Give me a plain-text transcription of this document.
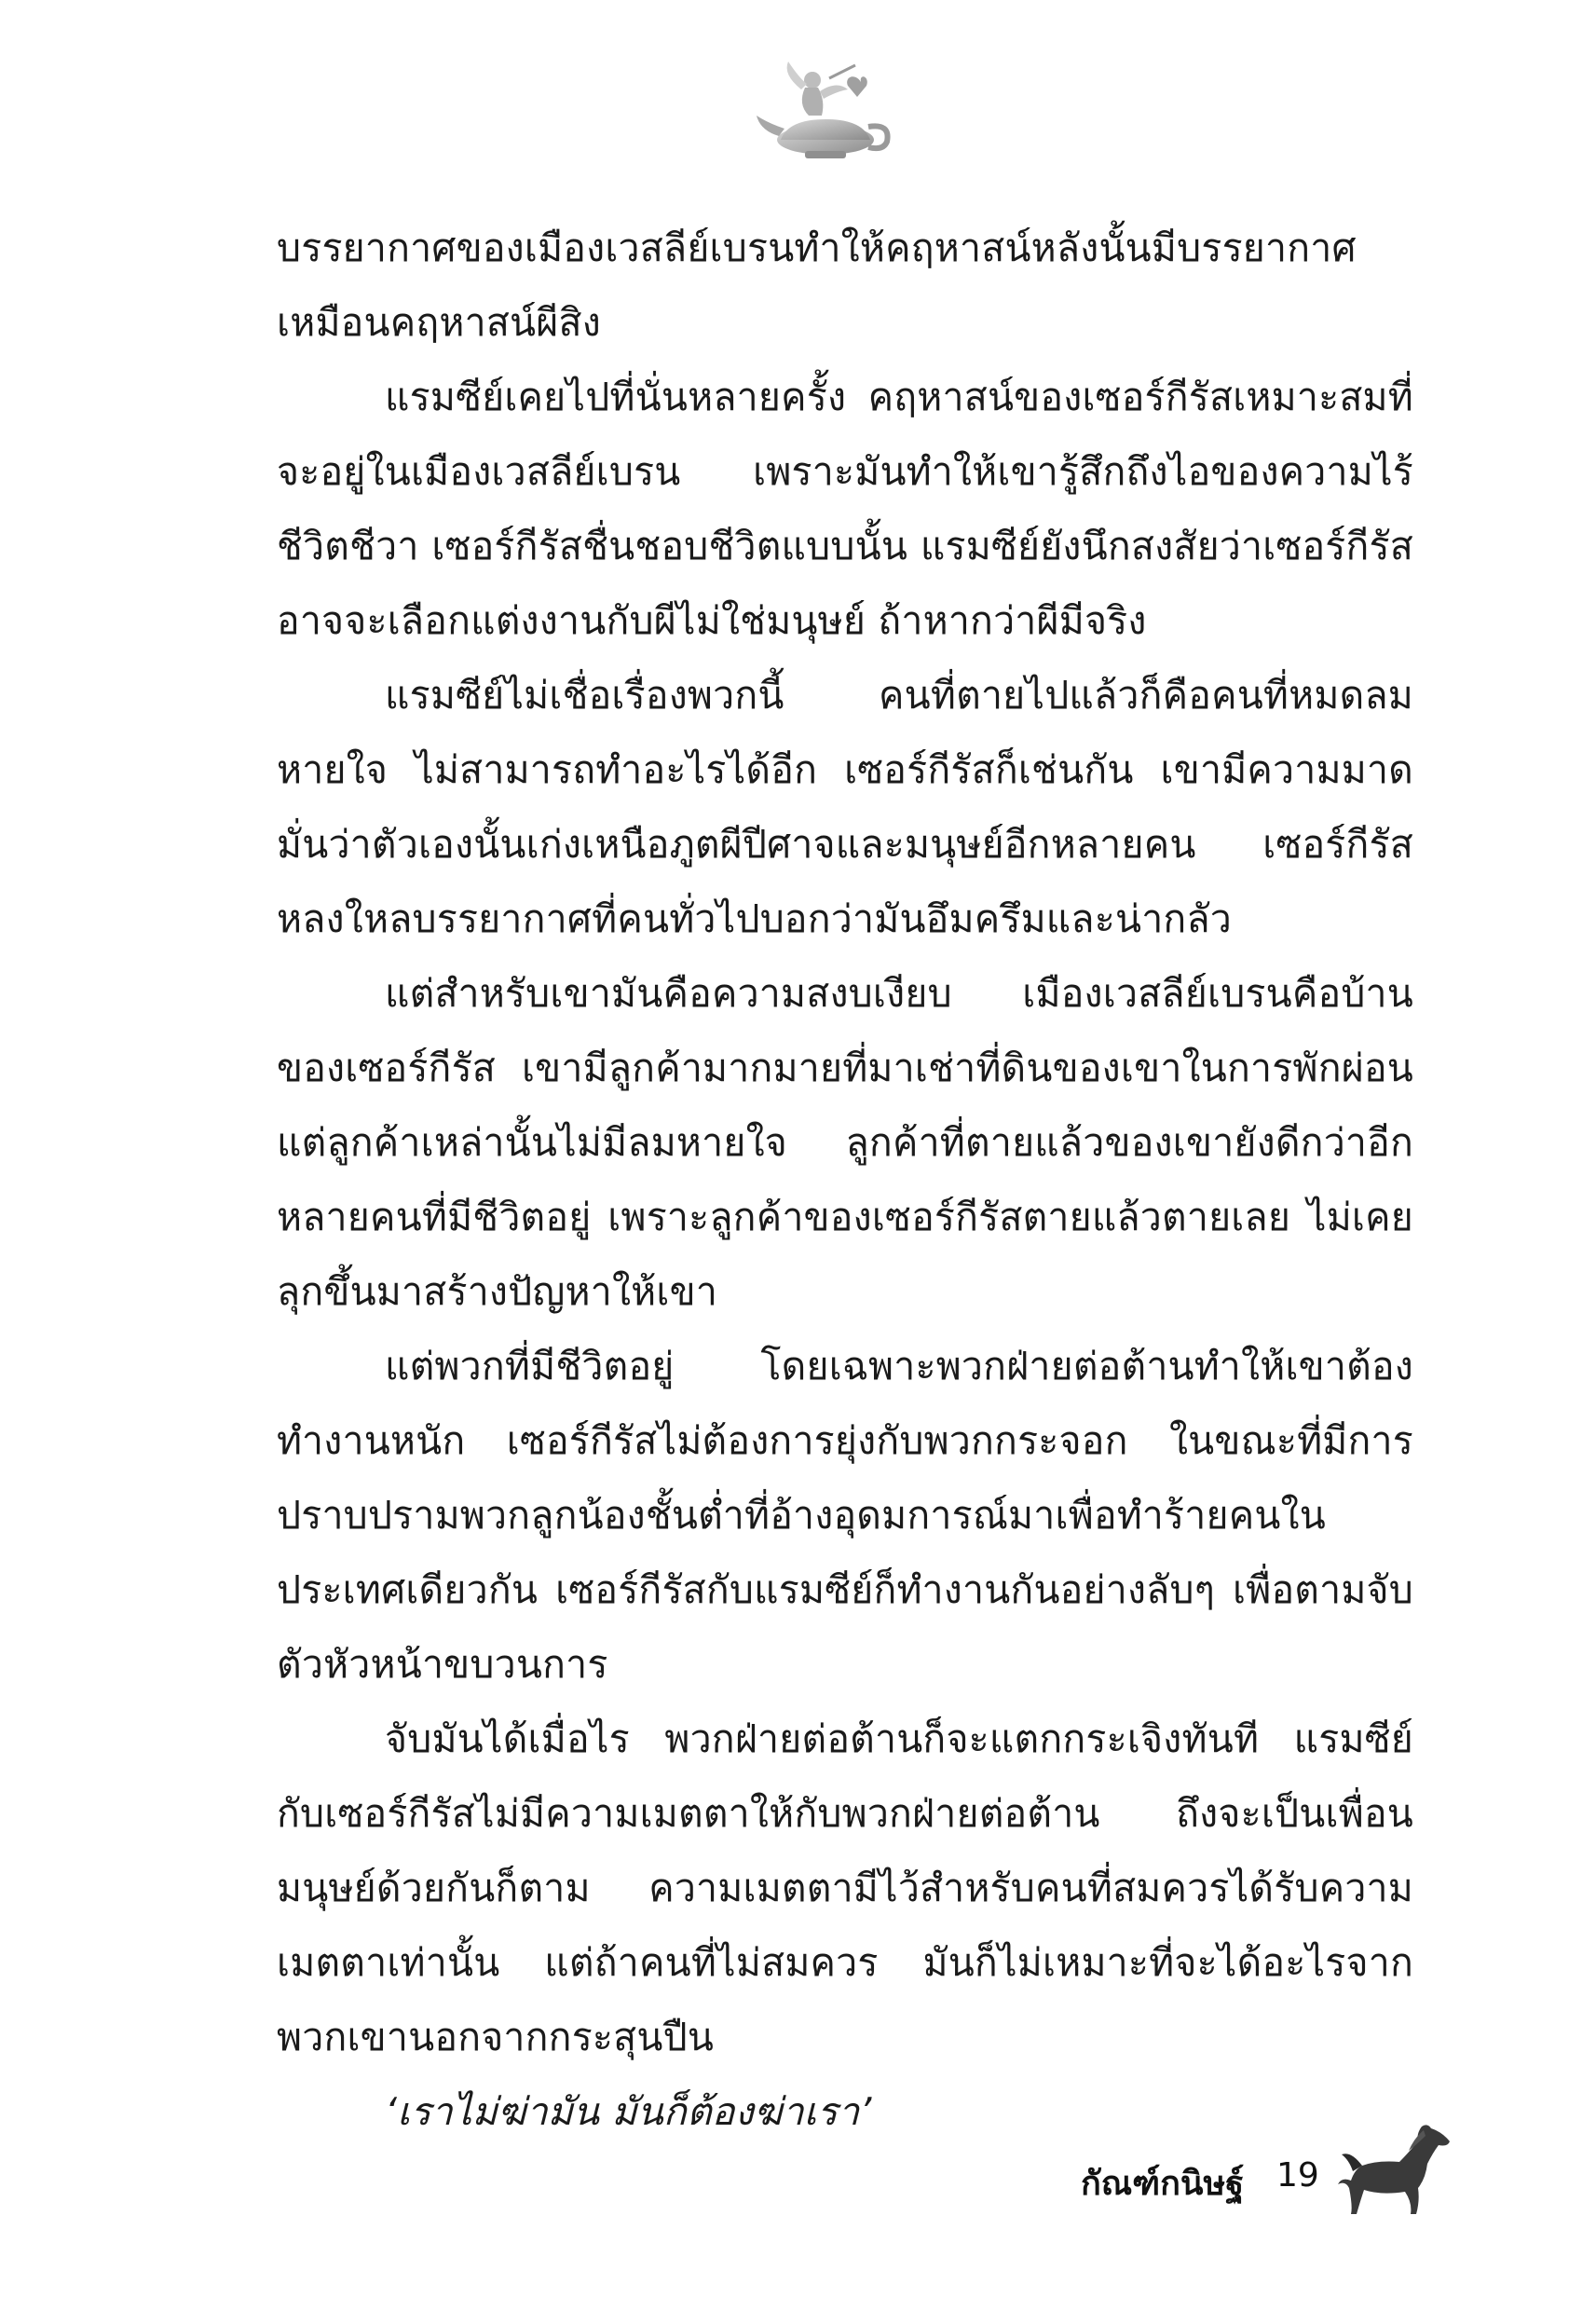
บรรยากาศของเมืองเวสลีย์เบรนทำให้คฤหาสน์หลังนั้นมีบรรยากาศเหมือนคฤหาสน์ผีสิง

แรมซีย์เคยไปที่นั่นหลายครั้ง คฤหาสน์ของเซอร์กีรัสเหมาะสมที่จะอยู่ในเมืองเวสลีย์เบรน เพราะมันทำให้เขารู้สึกถึงไอของความไร้ชีวิตชีวา เซอร์กีรัสชื่นชอบชีวิตแบบนั้น แรมซีย์ยังนึกสงสัยว่าเซอร์กีรัสอาจจะเลือกแต่งงานกับผีไม่ใช่มนุษย์ ถ้าหากว่าผีมีจริง

แรมซีย์ไม่เชื่อเรื่องพวกนี้ คนที่ตายไปแล้วก็คือคนที่หมดลมหายใจ ไม่สามารถทำอะไรได้อีก เซอร์กีรัสก็เช่นกัน เขามีความมาดมั่นว่าตัวเองนั้นเก่งเหนือภูตผีปีศาจและมนุษย์อีกหลายคน เซอร์กีรัสหลงใหลบรรยากาศที่คนทั่วไปบอกว่ามันอึมครึมและน่ากลัว

แต่สำหรับเขามันคือความสงบเงียบ เมืองเวสลีย์เบรนคือบ้านของเซอร์กีรัส เขามีลูกค้ามากมายที่มาเช่าที่ดินของเขาในการพักผ่อน แต่ลูกค้าเหล่านั้นไม่มีลมหายใจ ลูกค้าที่ตายแล้วของเขายังดีกว่าอีกหลายคนที่มีชีวิตอยู่ เพราะลูกค้าของเซอร์กีรัสตายแล้วตายเลย ไม่เคยลุกขึ้นมาสร้างปัญหาให้เขา

แต่พวกที่มีชีวิตอยู่ โดยเฉพาะพวกฝ่ายต่อต้านทำให้เขาต้องทำงานหนัก เซอร์กีรัสไม่ต้องการยุ่งกับพวกกระจอก ในขณะที่มีการปราบปรามพวกลูกน้องชั้นต่ำที่อ้างอุดมการณ์มาเพื่อทำร้ายคนในประเทศเดียวกัน เซอร์กีรัสกับแรมซีย์ก็ทำงานกันอย่างลับๆ เพื่อตามจับตัวหัวหน้าขบวนการ

จับมันได้เมื่อไร พวกฝ่ายต่อต้านก็จะแตกกระเจิงทันที แรมซีย์กับเซอร์กีรัสไม่มีความเมตตาให้กับพวกฝ่ายต่อต้าน ถึงจะเป็นเพื่อนมนุษย์ด้วยกันก็ตาม ความเมตตามีไว้สำหรับคนที่สมควรได้รับความเมตตาเท่านั้น แต่ถ้าคนที่ไม่สมควร มันก็ไม่เหมาะที่จะได้อะไรจากพวกเขานอกจากกระสุนปืน

‘เราไม่ฆ่ามัน มันก็ต้องฆ่าเรา’

กัณฑ์กนิษฐ์ 19
